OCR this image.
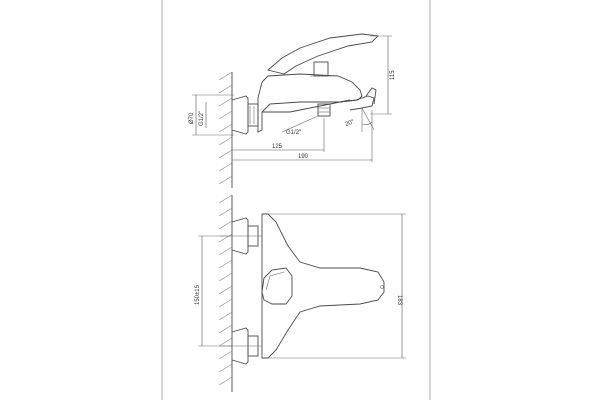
Ø70 G1/2"
115
20°
G1/2"
125
190
150±15	183
